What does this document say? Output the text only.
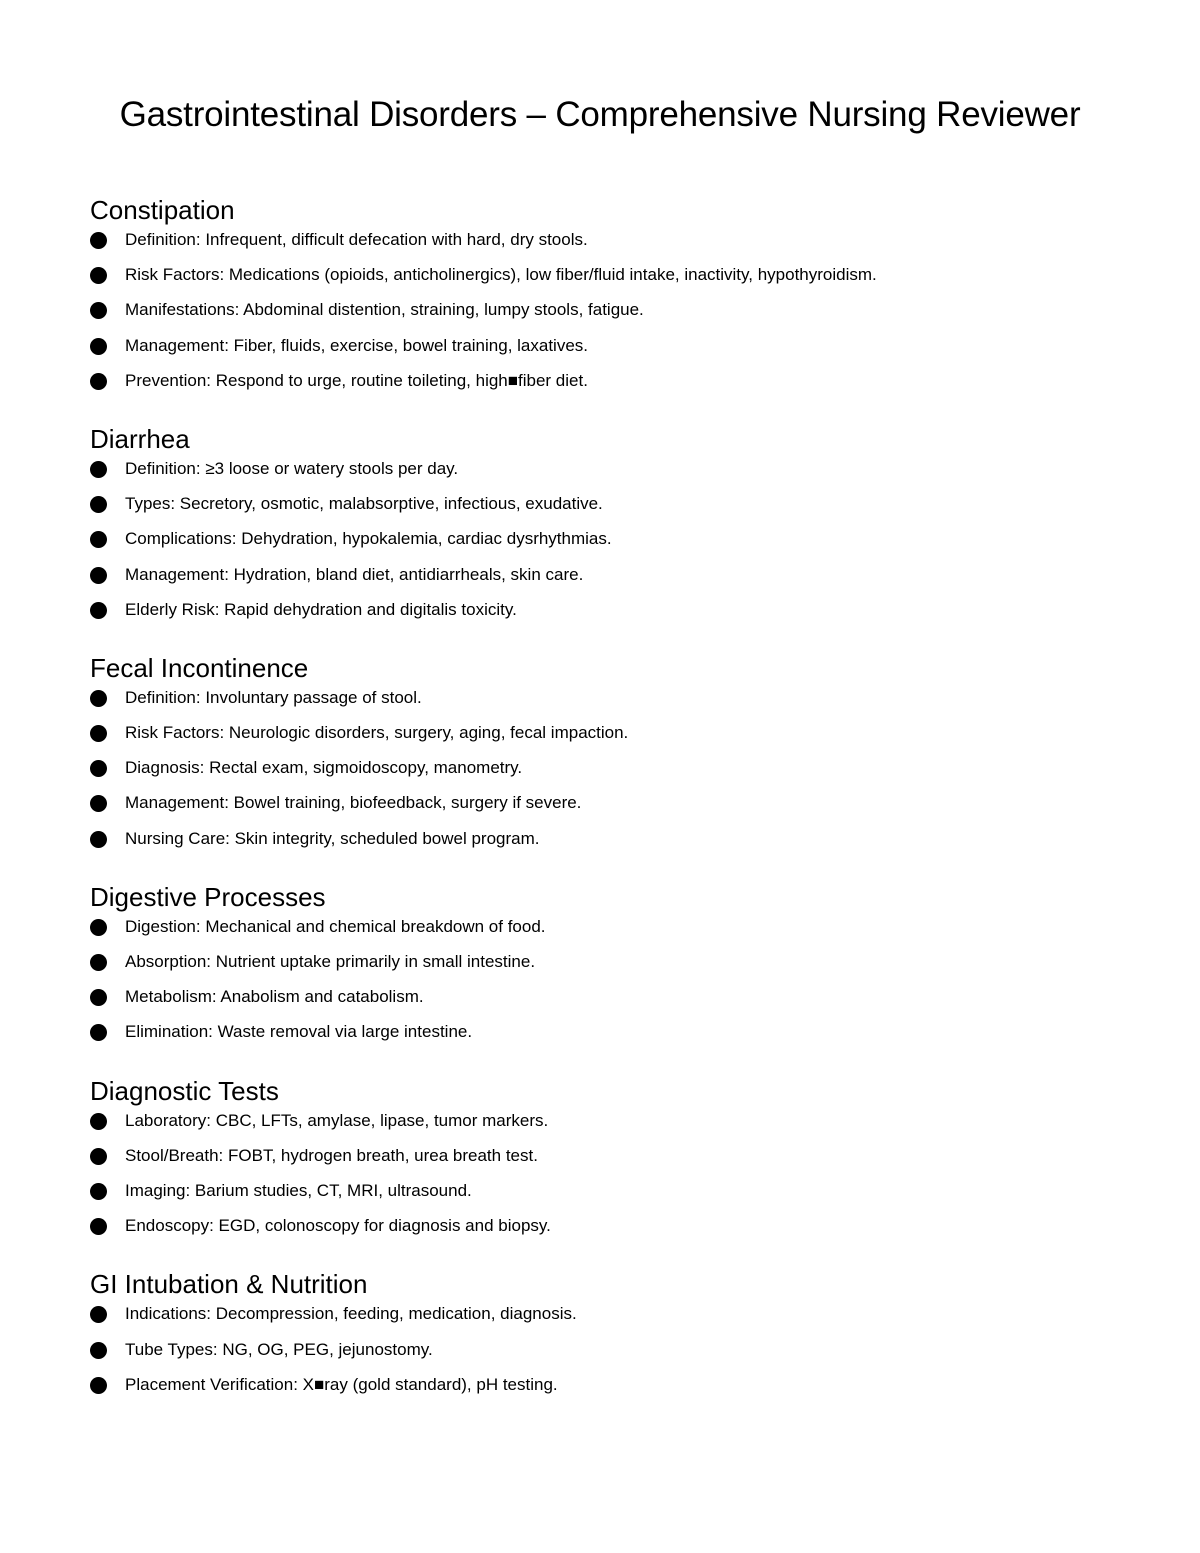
Gastrointestinal Disorders – Comprehensive Nursing Reviewer
Constipation
Definition: Infrequent, difficult defecation with hard, dry stools.
Risk Factors: Medications (opioids, anticholinergics), low fiber/fluid intake, inactivity, hypothyroidism.
Manifestations: Abdominal distention, straining, lumpy stools, fatigue.
Management: Fiber, fluids, exercise, bowel training, laxatives.
Prevention: Respond to urge, routine toileting, high■fiber diet.
Diarrhea
Definition: ≥3 loose or watery stools per day.
Types: Secretory, osmotic, malabsorptive, infectious, exudative.
Complications: Dehydration, hypokalemia, cardiac dysrhythmias.
Management: Hydration, bland diet, antidiarrheals, skin care.
Elderly Risk: Rapid dehydration and digitalis toxicity.
Fecal Incontinence
Definition: Involuntary passage of stool.
Risk Factors: Neurologic disorders, surgery, aging, fecal impaction.
Diagnosis: Rectal exam, sigmoidoscopy, manometry.
Management: Bowel training, biofeedback, surgery if severe.
Nursing Care: Skin integrity, scheduled bowel program.
Digestive Processes
Digestion: Mechanical and chemical breakdown of food.
Absorption: Nutrient uptake primarily in small intestine.
Metabolism: Anabolism and catabolism.
Elimination: Waste removal via large intestine.
Diagnostic Tests
Laboratory: CBC, LFTs, amylase, lipase, tumor markers.
Stool/Breath: FOBT, hydrogen breath, urea breath test.
Imaging: Barium studies, CT, MRI, ultrasound.
Endoscopy: EGD, colonoscopy for diagnosis and biopsy.
GI Intubation & Nutrition
Indications: Decompression, feeding, medication, diagnosis.
Tube Types: NG, OG, PEG, jejunostomy.
Placement Verification: X■ray (gold standard), pH testing.
